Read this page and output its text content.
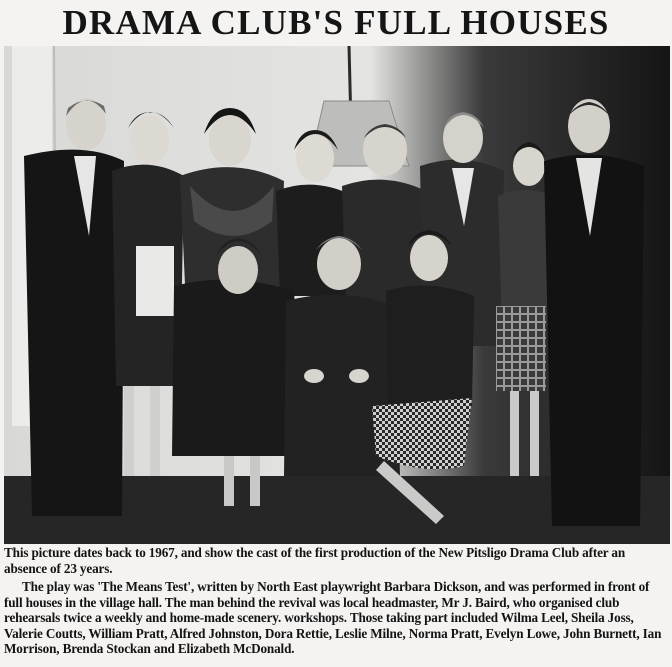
DRAMA CLUB'S FULL HOUSES

This picture dates back to 1967, and show the cast of the first production of the New Pitsligo Drama Club after an absence of 23 years.

The play was 'The Means Test', written by North East playwright Barbara Dickson, and was performed in front of full houses in the village hall. The man behind the revival was local headmaster, Mr J. Baird, who organised club rehearsals twice a weekly and home-made scenery. workshops. Those taking part included Wilma Leel, Sheila Joss, Valerie Coutts, William Pratt, Alfred Johnston, Dora Rettie, Leslie Milne, Norma Pratt, Evelyn Lowe, John Burnett, Ian Morrison, Brenda Stockan and Elizabeth McDonald.
